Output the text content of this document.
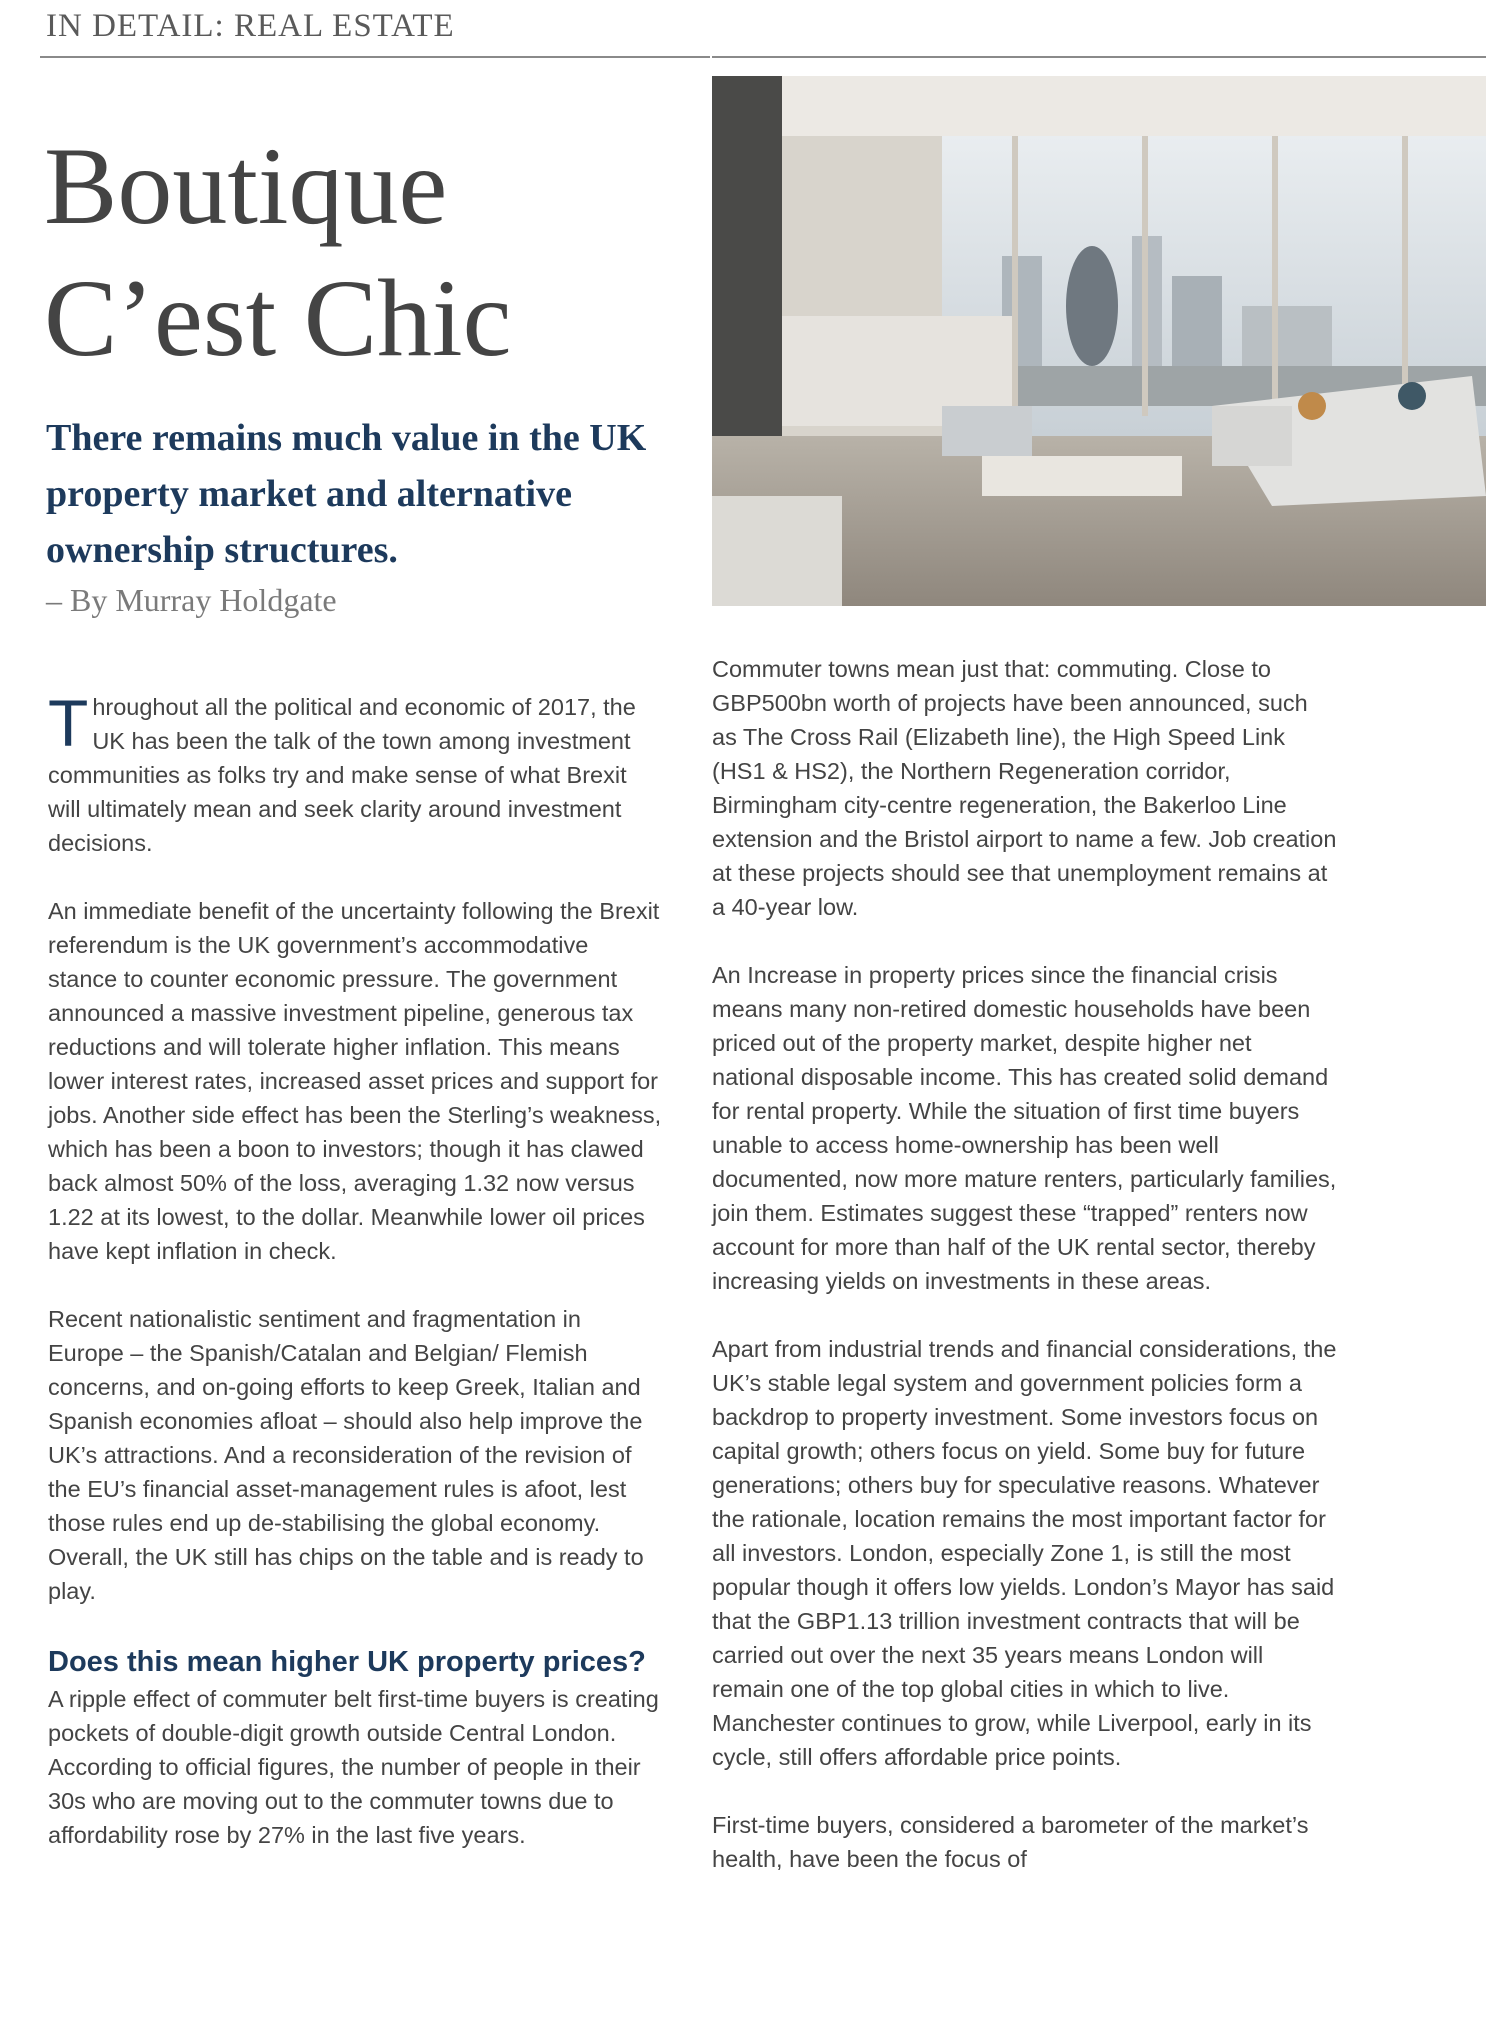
IN DETAIL: REAL ESTATE
Boutique
C’est Chic

There remains much value in the UK property market and alternative ownership structures.

– By Murray Holdgate

Throughout all the political and economic of 2017, the UK has been the talk of the town among investment communities as folks try and make sense of what Brexit will ultimately mean and seek clarity around investment decisions.

An immediate benefit of the uncertainty following the Brexit referendum is the UK government’s accommodative stance to counter economic pressure. The government announced a massive investment pipeline, generous tax reductions and will tolerate higher inflation. This means lower interest rates, increased asset prices and support for jobs. Another side effect has been the Sterling’s weakness, which has been a boon to investors; though it has clawed back almost 50% of the loss, averaging 1.32 now versus 1.22 at its lowest, to the dollar. Meanwhile lower oil prices have kept inflation in check.

Recent nationalistic sentiment and fragmentation in Europe – the Spanish/Catalan and Belgian/ Flemish concerns, and on-going efforts to keep Greek, Italian and Spanish economies afloat – should also help improve the UK’s attractions. And a reconsideration of the revision of the EU’s financial asset-management rules is afoot, lest those rules end up de-stabilising the global economy. Overall, the UK still has chips on the table and is ready to play.

Does this mean higher UK property prices?

A ripple effect of commuter belt first-time buyers is creating pockets of double-digit growth outside Central London. According to official figures, the number of people in their 30s who are moving out to the commuter towns due to affordability rose by 27% in the last five years.

Commuter towns mean just that: commuting. Close to GBP500bn worth of projects have been announced, such as The Cross Rail (Elizabeth line), the High Speed Link (HS1 & HS2), the Northern Regeneration corridor, Birmingham city-centre regeneration, the Bakerloo Line extension and the Bristol airport to name a few. Job creation at these projects should see that unemployment remains at a 40-year low.

An Increase in property prices since the financial crisis means many non-retired domestic households have been priced out of the property market, despite higher net national disposable income. This has created solid demand for rental property. While the situation of first time buyers unable to access home-ownership has been well documented, now more mature renters, particularly families, join them. Estimates suggest these “trapped” renters now account for more than half of the UK rental sector, thereby increasing yields on investments in these areas.

Apart from industrial trends and financial considerations, the UK’s stable legal system and government policies form a backdrop to property investment. Some investors focus on capital growth; others focus on yield. Some buy for future generations; others buy for speculative reasons. Whatever the rationale, location remains the most important factor for all investors. London, especially Zone 1, is still the most popular though it offers low yields. London’s Mayor has said that the GBP1.13 trillion investment contracts that will be carried out over the next 35 years means London will remain one of the top global cities in which to live. Manchester continues to grow, while Liverpool, early in its cycle, still offers affordable price points.

First-time buyers, considered a barometer of the market’s health, have been the focus of
